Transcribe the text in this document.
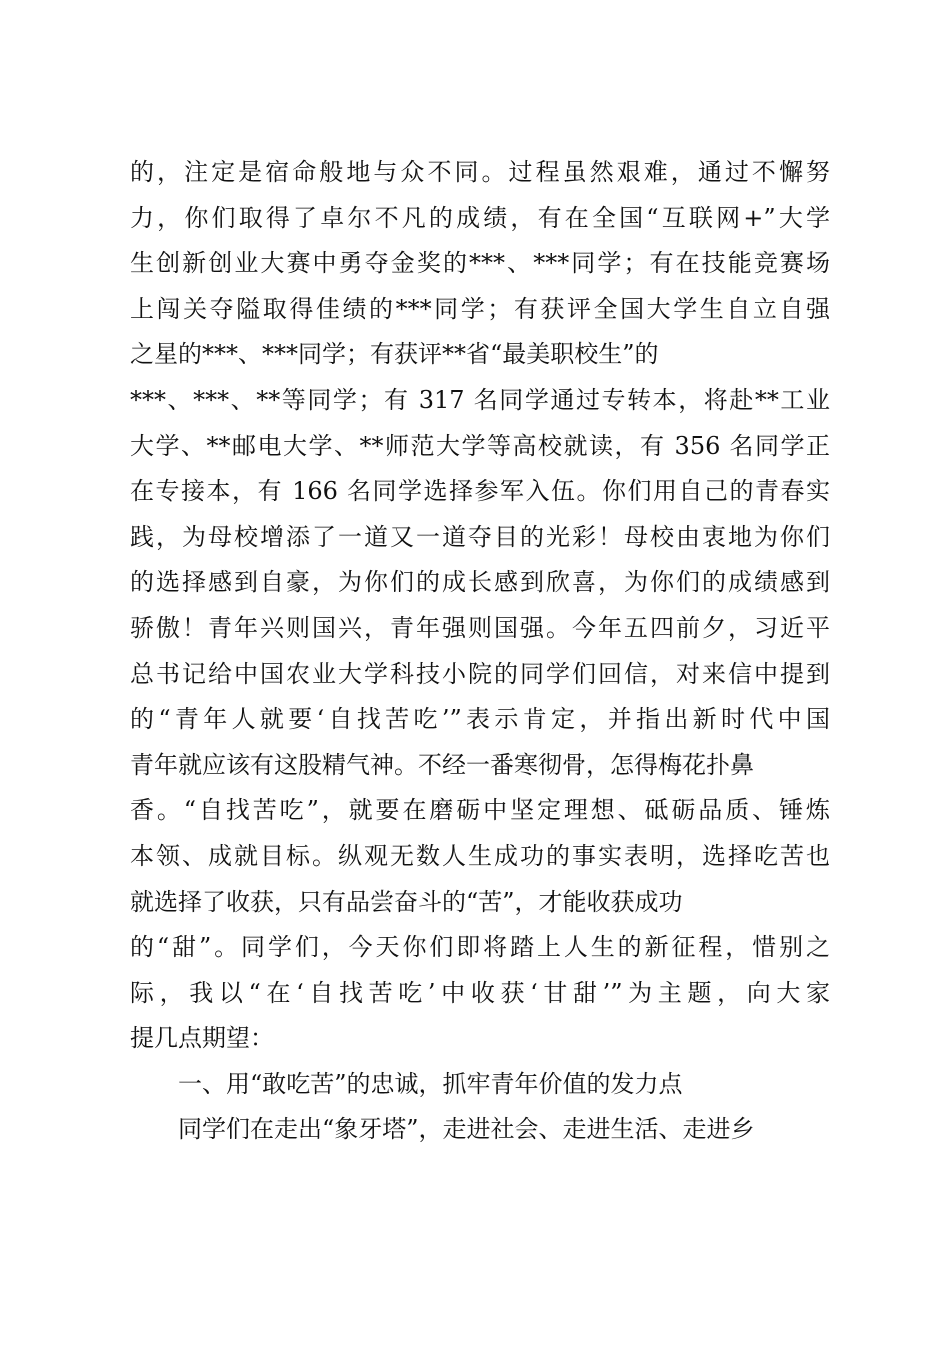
的，注定是宿命般地与众不同。过程虽然艰难，通过不懈努
力，你们取得了卓尔不凡的成绩，有在全国“互联网+”大学
生创新创业大赛中勇夺金奖的***、***同学；有在技能竞赛场
上闯关夺隘取得佳绩的***同学；有获评全国大学生自立自强
之星的***、***同学；有获评**省“最美职校生”的
***、***、**等同学；有 317 名同学通过专转本，将赴**工业
大学、**邮电大学、**师范大学等高校就读，有 356 名同学正
在专接本，有 166 名同学选择参军入伍。你们用自己的青春实
践，为母校增添了一道又一道夺目的光彩！母校由衷地为你们
的选择感到自豪，为你们的成长感到欣喜，为你们的成绩感到
骄傲！青年兴则国兴，青年强则国强。今年五四前夕，习近平
总书记给中国农业大学科技小院的同学们回信，对来信中提到
的“青年人就要‘自找苦吃’”表示肯定，并指出新时代中国
青年就应该有这股精气神。不经一番寒彻骨，怎得梅花扑鼻
香。“自找苦吃”，就要在磨砺中坚定理想、砥砺品质、锤炼
本领、成就目标。纵观无数人生成功的事实表明，选择吃苦也
就选择了收获，只有品尝奋斗的“苦”，才能收获成功
的“甜”。同学们，今天你们即将踏上人生的新征程，惜别之
际，我以“在‘自找苦吃’中收获‘甘甜’”为主题，向大家
提几点期望：
一、用“敢吃苦”的忠诚，抓牢青年价值的发力点
同学们在走出“象牙塔”，走进社会、走进生活、走进乡
